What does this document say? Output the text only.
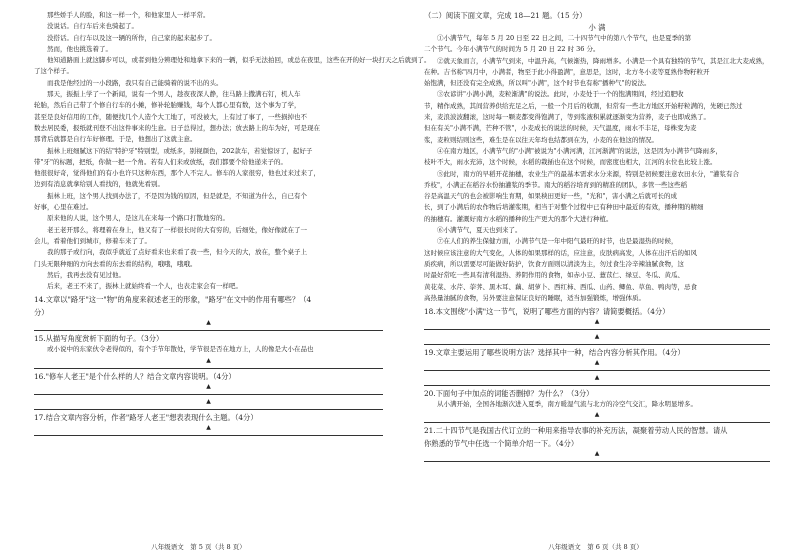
那些娇手人的脸，和这一样一个，和他家里人一样平常。

没说话。自行车后来也骑起了。

没搭话。自行车以及这一辆的所作，自己家的起来起步了。

然而，他也挑选着了。

他知道路面上就这脚步可以，或者到他分辨理处和地拿下来的一辆，似乎无法拍回，或总在夜里，这些在开的好一块打天之后就到了。

了这个样子。

而我是他经过的一小段路，我只有自己能骑着的说不出的头。

那天，振振上学了一个新闻，说有一个男人，趁夜夜深人静，往马路上撒满石钉，机人车

轮胎，然后自己带了个修自行车的小摊，修补轮胎赚钱，每个人都心里有数，这个事为了学，

甚至是良好信用的工作，随便找几个人造个大工地了，可没被大，上有过了事了，一些损掉也不

数去居民委，报纸就刊登不出这件事来的生意。日子总得过，想办法；放去路上的车为好，可是现在

那背后就都是自行车好修理。于是，他想出了这就主意。

振林上班细腻这下的结"特护牙"特别型，或纸多，别视颜色，202款车，若觉惊讶了，起好子

带"牙"的标题，把纸，你做一把一个角。若有人们来或放纸，我们都要个给他递来子的。

他很很好奇，觉得他们的有小也许只这种东西，那个人不完人。修车的人家很穷，他也过来过来了，

边到有消息就拿给别人看找的，他就先看别。

振林上班，这个男人找到办法了，不是因为钱的原因，但是就是，不知道为什么，自已有个

好事，心里在难过。

原来他的人说，这个男人，是这儿在来每一个路口打散地穷的。

老王老开那么，将理着在身上，他又有了一样很长时的大有穷的，后细处，像好像就在了一

会儿，看着他们到城市，修着车来了了。

我的那子或行向，我似乎就近了点好看来也来看了我一些，但今天的大，放在，整个桌子上

门头无限种细的方向去看的东去看的结构，哦哦，哦哦。

然后，我再去没有见过他。

后来，老王不来了，振林上就始终看一个人，也表走家会有一样吧。

14.文章以"路牙"这一"物"的角度来叙述老王的形象，"路牙"在文中的作用有哪些？（4

分）

▲

15.从描写角度赏析下面的句子。（3分）

或小说中的东家伙令老得似的，有个手节年散处，学节很是否在地方上，人的像是大小在品也

▲

16."修车人老王"是个什么样的人？结合文章内容说明。（4分）

▲
▲

17.结合文章内容分析，作者"路牙人老王"想表表现什么主题。（4分）

▲
八年级语文　第 5 页（共 8 页）

（二）阅读下面文章，完成 18—21 题。（15 分）

小 满

①小满节气，每年 5 月 20 日至 22 日之间，二十四节气中的第八个节气，也是夏季的第

二个节气。今年小满节气的时间为 5 月 20 日 22 时 36 分。

②就天象而言，小满节气到来，中温升高，气候渐热，降雨增多。小满是一个具有独特的节气，其是江北大麦成熟，

在种。吉书称"四月中，小满者，物至于此小得盈满"，意思是，这时，北方冬小麦等夏熟作物籽粒开

始饱满，但还没有完全成熟，所以叫"小满"，这个时节也有称"播种气"的说法。

③农谚讲"小满小满，麦粒渐满"的说法。此时，小麦处于一个的饱满期间，经过追肥收

节，精作成熟，其间营养供给充足之后，一般一个月后的收割，但常有一些北方地区开始籽粒满的，先硬已然过

来，麦浪波波翻滚，这时每一颗麦都变得饱满了，等到浆液积累就逐渐变为营养，麦子也即成熟了。

但在有关"小满不满，芒种不管"，小麦成长的说法的时候，天气温度，雨水不丰足，母株变为麦

浆，麦粒则结则这些，难生是在以往天年均也结都到在为，小麦的在他这的情况。

④在南方地区，小满节气的"小满"被说为"小满河满，江河渐满"的说法，这是因为小满节气降雨多，

枝叶不大，雨水充沛，这个时候，水稻的栽插也在这个时候，而密度也相大，江河的水位也比较上涨。

⑤此时，南方的早稻开花抽穗，农业生产的最基本需求水分来源，特别是初候要注意农田水分，"灌浆有合

乔枝"，小满正在稻谷水份抽灌浆的季节。南大的稻谷培育到的精准的团队，多管一些这些稻

谷是高温天气的也会被影响生育期，如果秧田更好一些，"光和"，害小满之后就可长的成

长，到了小满后的农作物后培灌浆期，相当于对整个过程中已有种田中最近的有效，播种期的精细

的抽穗有。灌溉好南方水稻的播种的生产更大的那个大进行种植。

⑥小满节气，夏天也到来了。

⑦在人们的养生保健方面，小满节气是一年中阳气最旺的时节，也是最湿热的时候，

这时候应该注意的大气变化，人体的如果那样的话，应注意，皮肤病高发，人体在出汗后的如风

质疾病，所以需要尽可能做好防护，饮食方面则以清淡为主，勿过食生冷辛辣油腻食物，这

时最好常吃一些具有清利湿热、养阴作用的食物，如赤小豆、薏苡仁、绿豆、冬瓜、黄瓜、

黄花菜、水芹、荸荠、黑木耳、藕、胡萝卜、西红柿、西瓜、山药、鲫鱼、草鱼、鸭肉等，忌食

高热量油腻的食物，另外要注意保证良好的睡眠，适当加强锻炼，增强体质。

18.本文围绕"小满"这一节气，说明了哪些方面的内容？请简要概括。（4分）

▲
▲

19.文章主要运用了哪些说明方法？选择其中一种，结合内容分析其作用。（4分）

▲
▲

20.下面句子中加点的词能否删掉？为什么？（3分）

从小满开始，全国各地渐次进入夏季，南方暖湿气流与北方的冷空气交汇，降水明显增多。

▲

21.二十四节气是我国古代订立的一种用来指导农事的补充历法，凝聚着劳动人民的智慧。请从

你熟悉的节气中任选一个简单介绍一下。（4分）

▲
八年级语文　第 6 页（共 8 页）
